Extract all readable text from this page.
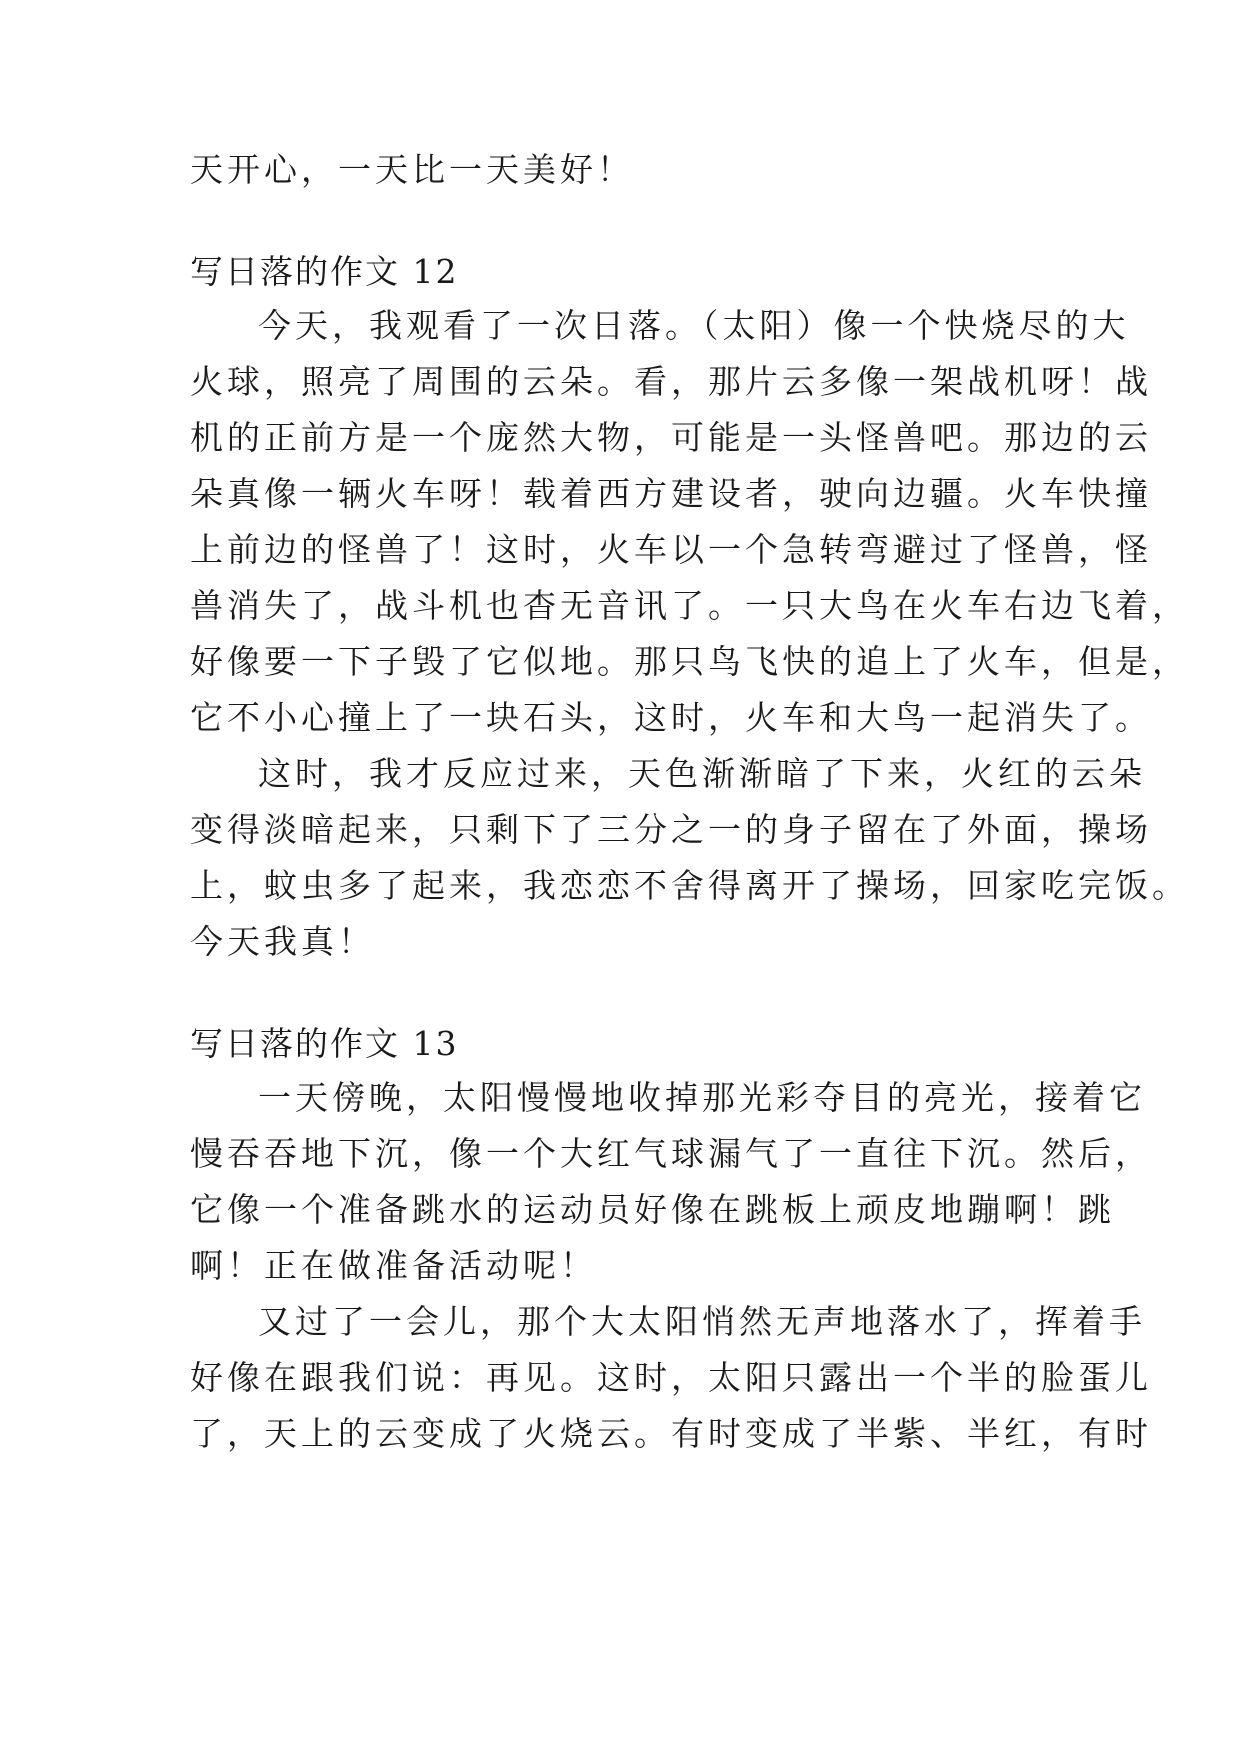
天开心，一天比一天美好！
写日落的作文 12
今天，我观看了一次日落。（太阳）像一个快烧尽的大
火球，照亮了周围的云朵。看，那片云多像一架战机呀！战
机的正前方是一个庞然大物，可能是一头怪兽吧。那边的云
朵真像一辆火车呀！载着西方建设者，驶向边疆。火车快撞
上前边的怪兽了！这时，火车以一个急转弯避过了怪兽，怪
兽消失了，战斗机也杳无音讯了。一只大鸟在火车右边飞着，
好像要一下子毁了它似地。那只鸟飞快的追上了火车，但是，
它不小心撞上了一块石头，这时，火车和大鸟一起消失了。
这时，我才反应过来，天色渐渐暗了下来，火红的云朵
变得淡暗起来，只剩下了三分之一的身子留在了外面，操场
上，蚊虫多了起来，我恋恋不舍得离开了操场，回家吃完饭。
今天我真！
写日落的作文 13
一天傍晚，太阳慢慢地收掉那光彩夺目的亮光，接着它
慢吞吞地下沉，像一个大红气球漏气了一直往下沉。然后，
它像一个准备跳水的运动员好像在跳板上顽皮地蹦啊！跳
啊！正在做准备活动呢！
又过了一会儿，那个大太阳悄然无声地落水了，挥着手
好像在跟我们说：再见。这时，太阳只露出一个半的脸蛋儿
了，天上的云变成了火烧云。有时变成了半紫、半红，有时
